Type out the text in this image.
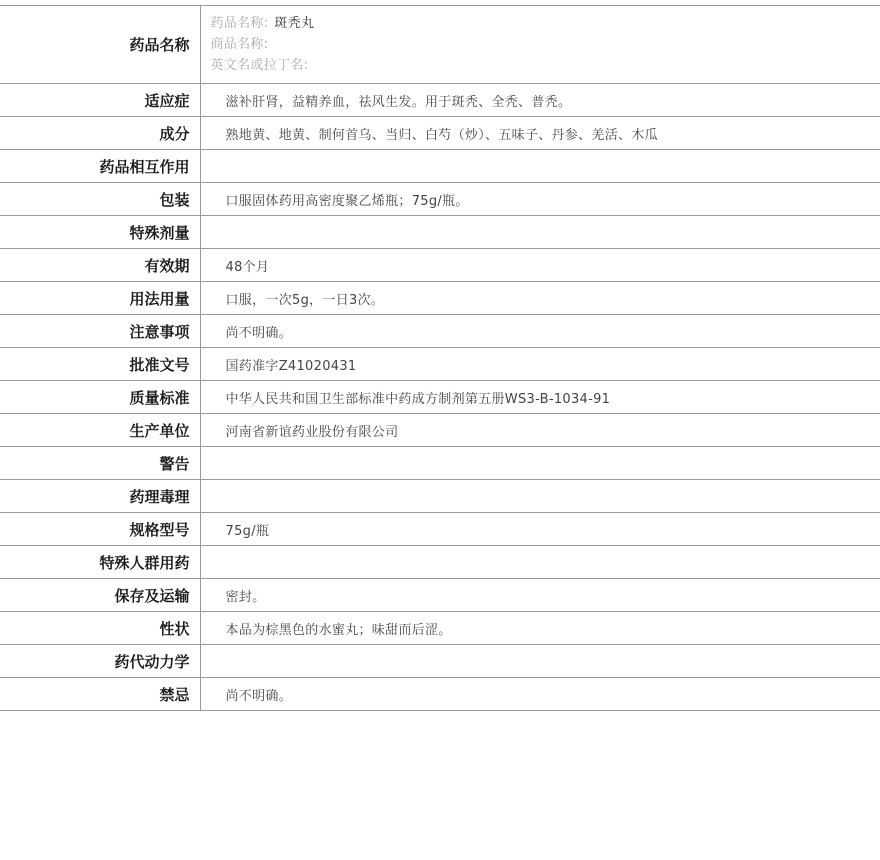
药品名称	药品名称: 斑秃丸
商品名称:
英文名或拉丁名:

适应症	滋补肝肾，益精养血，祛风生发。用于斑秃、全秃、普秃。
成分	熟地黄、地黄、制何首乌、当归、白芍（炒）、五味子、丹参、羌活、木瓜
药品相互作用	
包装	口服固体药用高密度聚乙烯瓶；75g/瓶。
特殊剂量	
有效期	48个月
用法用量	口服，一次5g，一日3次。
注意事项	尚不明确。
批准文号	国药准字Z41020431
质量标准	中华人民共和国卫生部标准中药成方制剂第五册WS3-B-1034-91
生产单位	河南省新谊药业股份有限公司
警告	
药理毒理	
规格型号	75g/瓶
特殊人群用药	
保存及运输	密封。
性状	本品为棕黑色的水蜜丸；味甜而后涩。
药代动力学	
禁忌	尚不明确。
